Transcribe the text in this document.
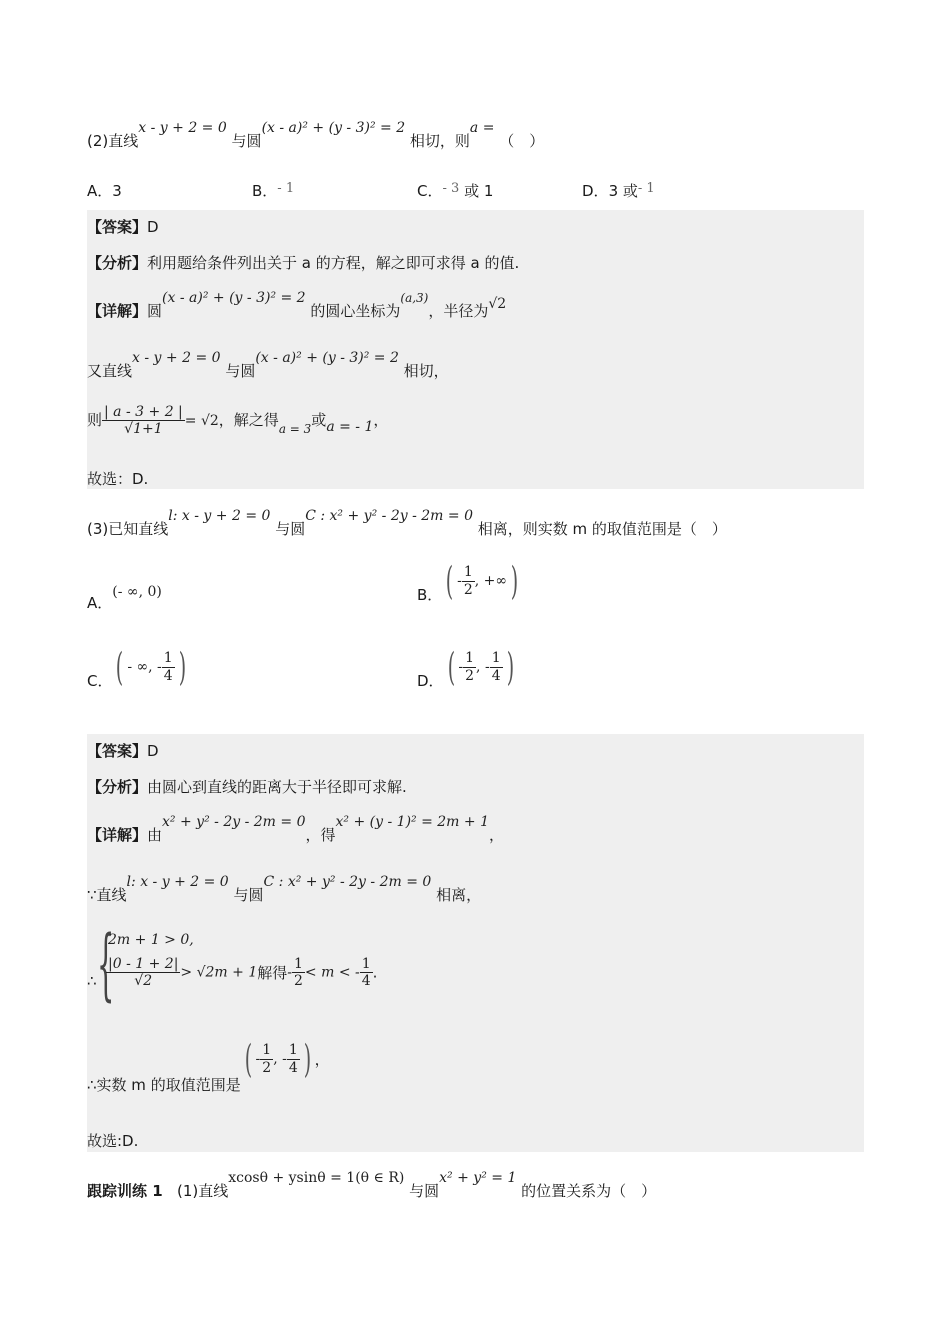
(2)直线x - y + 2 = 0 与圆(x - a)² + (y - 3)² = 2 相切，则a = （　）
A．3	B．- 1	C．- 3 或 1	D．3 或- 1
【答案】D
【分析】利用题给条件列出关于 a 的方程，解之即可求得 a 的值.
【详解】圆(x - a)² + (y - 3)² = 2 的圆心坐标为$^{(a,3)}$，半径为√2
又直线x - y + 2 = 0 与圆(x - a)² + (y - 3)² = 2 相切，
则 $\frac{| a - 3 + 2 |}{√1+1} = √2$，解之得$_{a = 3}$或a = - 1，
故选：D.
(3)已知直线l: x - y + 2 = 0 与圆C : x² + y² - 2y - 2m = 0 相离，则实数 m 的取值范围是（　）
A．(- ∞, 0)	B．( - $\frac{1}{2}$ , +∞)
C．( - ∞, - $\frac{1}{4}$ )	D．( - $\frac{1}{2}$ , - $\frac{1}{4}$ )
【答案】D
【分析】由圆心到直线的距离大于半径即可求解.
【详解】由x² + y² - 2y - 2m = 0，得x² + (y - 1)² = 2m + 1，
∵直线l: x - y + 2 = 0 与圆C : x² + y² - 2y - 2m = 0 相离，
{
∴
2m + 1 > 0,
$\frac{|0 - 1 + 2|}{√2} > √2m + 1$解得- $\frac{1}{2} < m$ < - $\frac{1}{4}$ .
∴实数 m 的取值范围是( - $\frac{1}{2}$ , - $\frac{1}{4}$ ) ，
故选:D.
跟踪训练 1 (1)直线xcosθ + ysinθ = 1(θ ∈ R) 与圆x² + y² = 1 的位置关系为（　）
